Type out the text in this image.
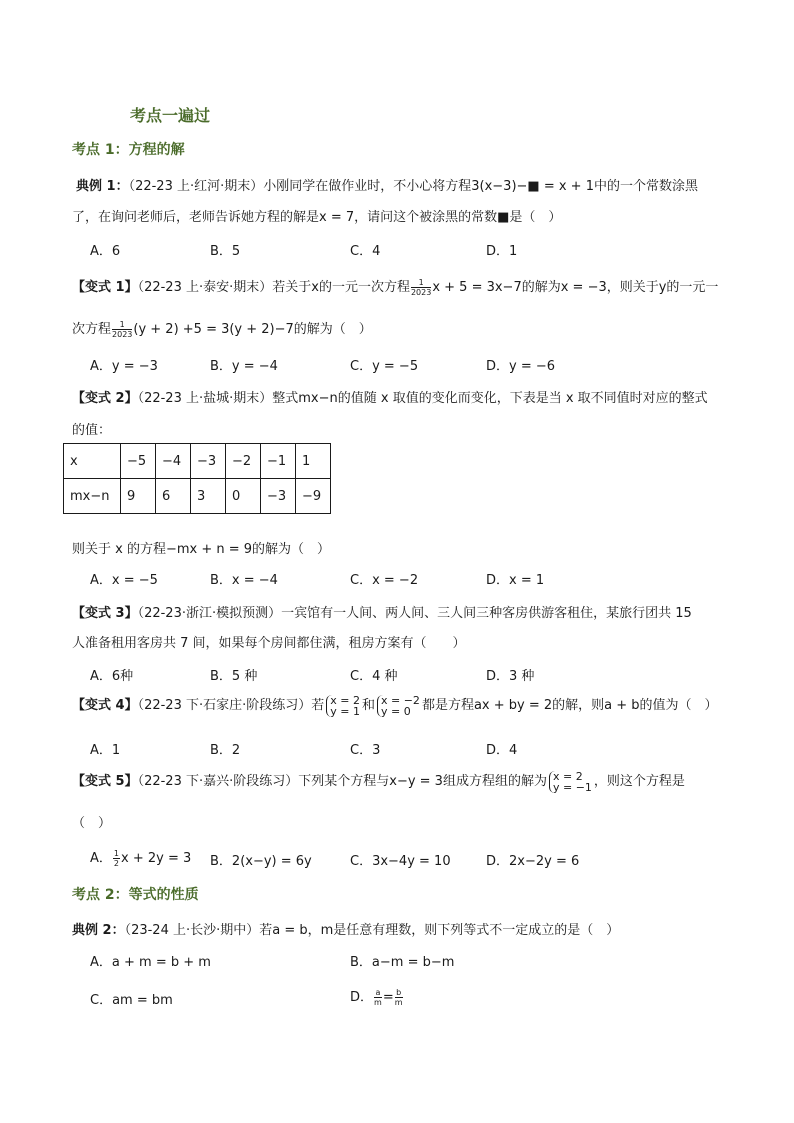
考点一遍过
考点 1：方程的解
典例 1：（22-23 上·红河·期末）小刚同学在做作业时，不小心将方程3(x−3)−■ = x + 1中的一个常数涂黑
了，在询问老师后，老师告诉她方程的解是x = 7，请问这个被涂黑的常数■是（　）
A．6	B．5	C．4	D．1
【变式 1】（22-23 上·泰安·期末）若关于x的一元一次方程 $\frac{1}{2023}$ x + 5 = 3x−7的解为x = −3，则关于y的一元一
次方程 $\frac{1}{2023} (y + 2) +5 = 3(y + 2)-7$的解为（　）
A．y = −3	B．y = −4	C．y = −5	D．y = −6
【变式 2】（22-23 上·盐城·期末）整式mx−n的值随 x 取值的变化而变化，下表是当 x 取不同值时对应的整式
的值：
x	−5	−4	−3	−2	−1	1
mx−n	9	6	3	0	−3	−9
则关于 x 的方程−mx + n = 9的解为（　）
A．x = −5	B．x = −4	C．x = −2	D．x = 1
【变式 3】（22-23·浙江·模拟预测）一宾馆有一人间、两人间、三人间三种客房供游客租住，某旅行团共 15
人准备租用客房共 7 间，如果每个房间都住满，租房方案有（　　）
A．6种	B．5 种	C．4 种	D．3 种
【变式 4】（22-23 下·石家庄·阶段练习）若 x = 2
y = 1 和 x = −2
y = 0 都是方程ax + by = 2的解，则a + b的值为（　）
A．1	B．2	C．3	D．4
【变式 5】（22-23 下·嘉兴·阶段练习）下列某个方程与x−y = 3组成方程组的解为 x = 2
y = −1 ，则这个方程是
（　）
A． $\frac{1}{2}$ x + 2y = 3 B．2(x−y) = 6y	C．3x−4y = 10	D．2x−2y = 6
考点 2：等式的性质
典例 2：（23-24 上·长沙·期中）若a = b，m是任意有理数，则下列等式不一定成立的是（　）
A．a + m = b + m	B．a−m = b−m
C．am = bm	D． $\frac{a}{m} = \frac{b}{m}$
